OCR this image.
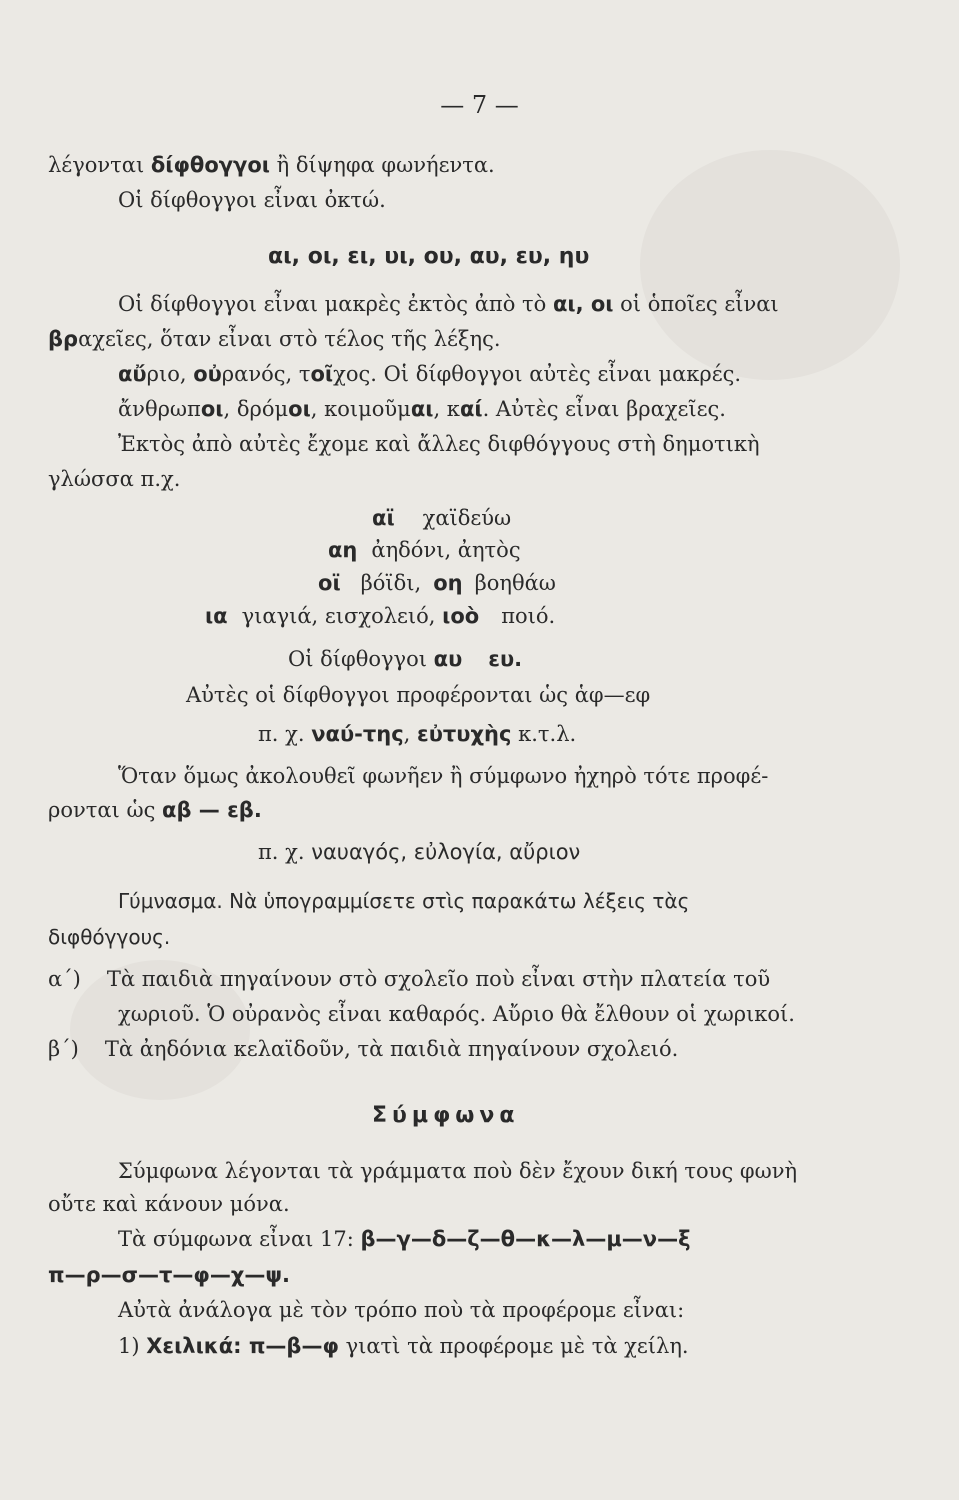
— 7 —
λέγονται δίφθογγοι ἢ δίψηφα φωνήεντα.
Οἱ δίφθογγοι εἶναι ὀκτώ.
αι, οι, ει, υι, ου, αυ, ευ, ηυ
Οἱ δίφθογγοι εἶναι μακρὲς ἐκτὸς ἀπὸ τὸ αι, οι οἱ ὁποῖες εἶναι
βραχεῖες, ὅταν εἶναι στὸ τέλος τῆς λέξης.
αὔριο, οὐρανός, τοῖχος. Οἱ δίφθογγοι αὐτὲς εἶναι μακρές.
ἄνθρωποι, δρόμοι, κοιμοῦμαι, καί. Αὐτὲς εἶναι βραχεῖες.
Ἐκτὸς ἀπὸ αὐτὲς ἔχομε καὶ ἄλλες διφθόγγους στὴ δημοτικὴ
γλώσσα π.χ.
αϊ χαϊδεύω
αη ἀηδόνι, ἀητὸς
οϊ βόϊδι, οη βοηθάω
ια γιαγιά, εισχολειό, ιοὸ ποιό.
Οἱ δίφθογγοι αυ ευ.
Αὐτὲς οἱ δίφθογγοι προφέρονται ὡς ἁφ—εφ
π. χ. ναύ-της, εὐτυχὴς κ.τ.λ.
Ὅταν ὅμως ἀκολουθεῖ φωνῆεν ἢ σύμφωνο ἠχηρὸ τότε προφέ-
ρονται ὡς αβ — εβ.
π. χ. ναυαγός, εὐλογία, αὔριον
Γύμνασμα. Νὰ ὑπογραμμίσετε στὶς παρακάτω λέξεις τὰς
διφθόγγους.
α΄) Τὰ παιδιὰ πηγαίνουν στὸ σχολεῖο ποὺ εἶναι στὴν πλατεία τοῦ
χωριοῦ. Ὁ οὐρανὸς εἶναι καθαρός. Αὔριο θὰ ἔλθουν οἱ χωρικοί.
β΄) Τὰ ἀηδόνια κελαϊδοῦν, τὰ παιδιὰ πηγαίνουν σχολειό.
Σύμφωνα
Σύμφωνα λέγονται τὰ γράμματα ποὺ δὲν ἔχουν δική τους φωνὴ
οὔτε καὶ κάνουν μόνα.
Τὰ σύμφωνα εἶναι 17: β—γ—δ—ζ—θ—κ—λ—μ—ν—ξ
π—ρ—σ—τ—φ—χ—ψ.
Αὐτὰ ἀνάλογα μὲ τὸν τρόπο ποὺ τὰ προφέρομε εἶναι:
1) Χειλικά: π—β—φ γιατὶ τὰ προφέρομε μὲ τὰ χείλη.
